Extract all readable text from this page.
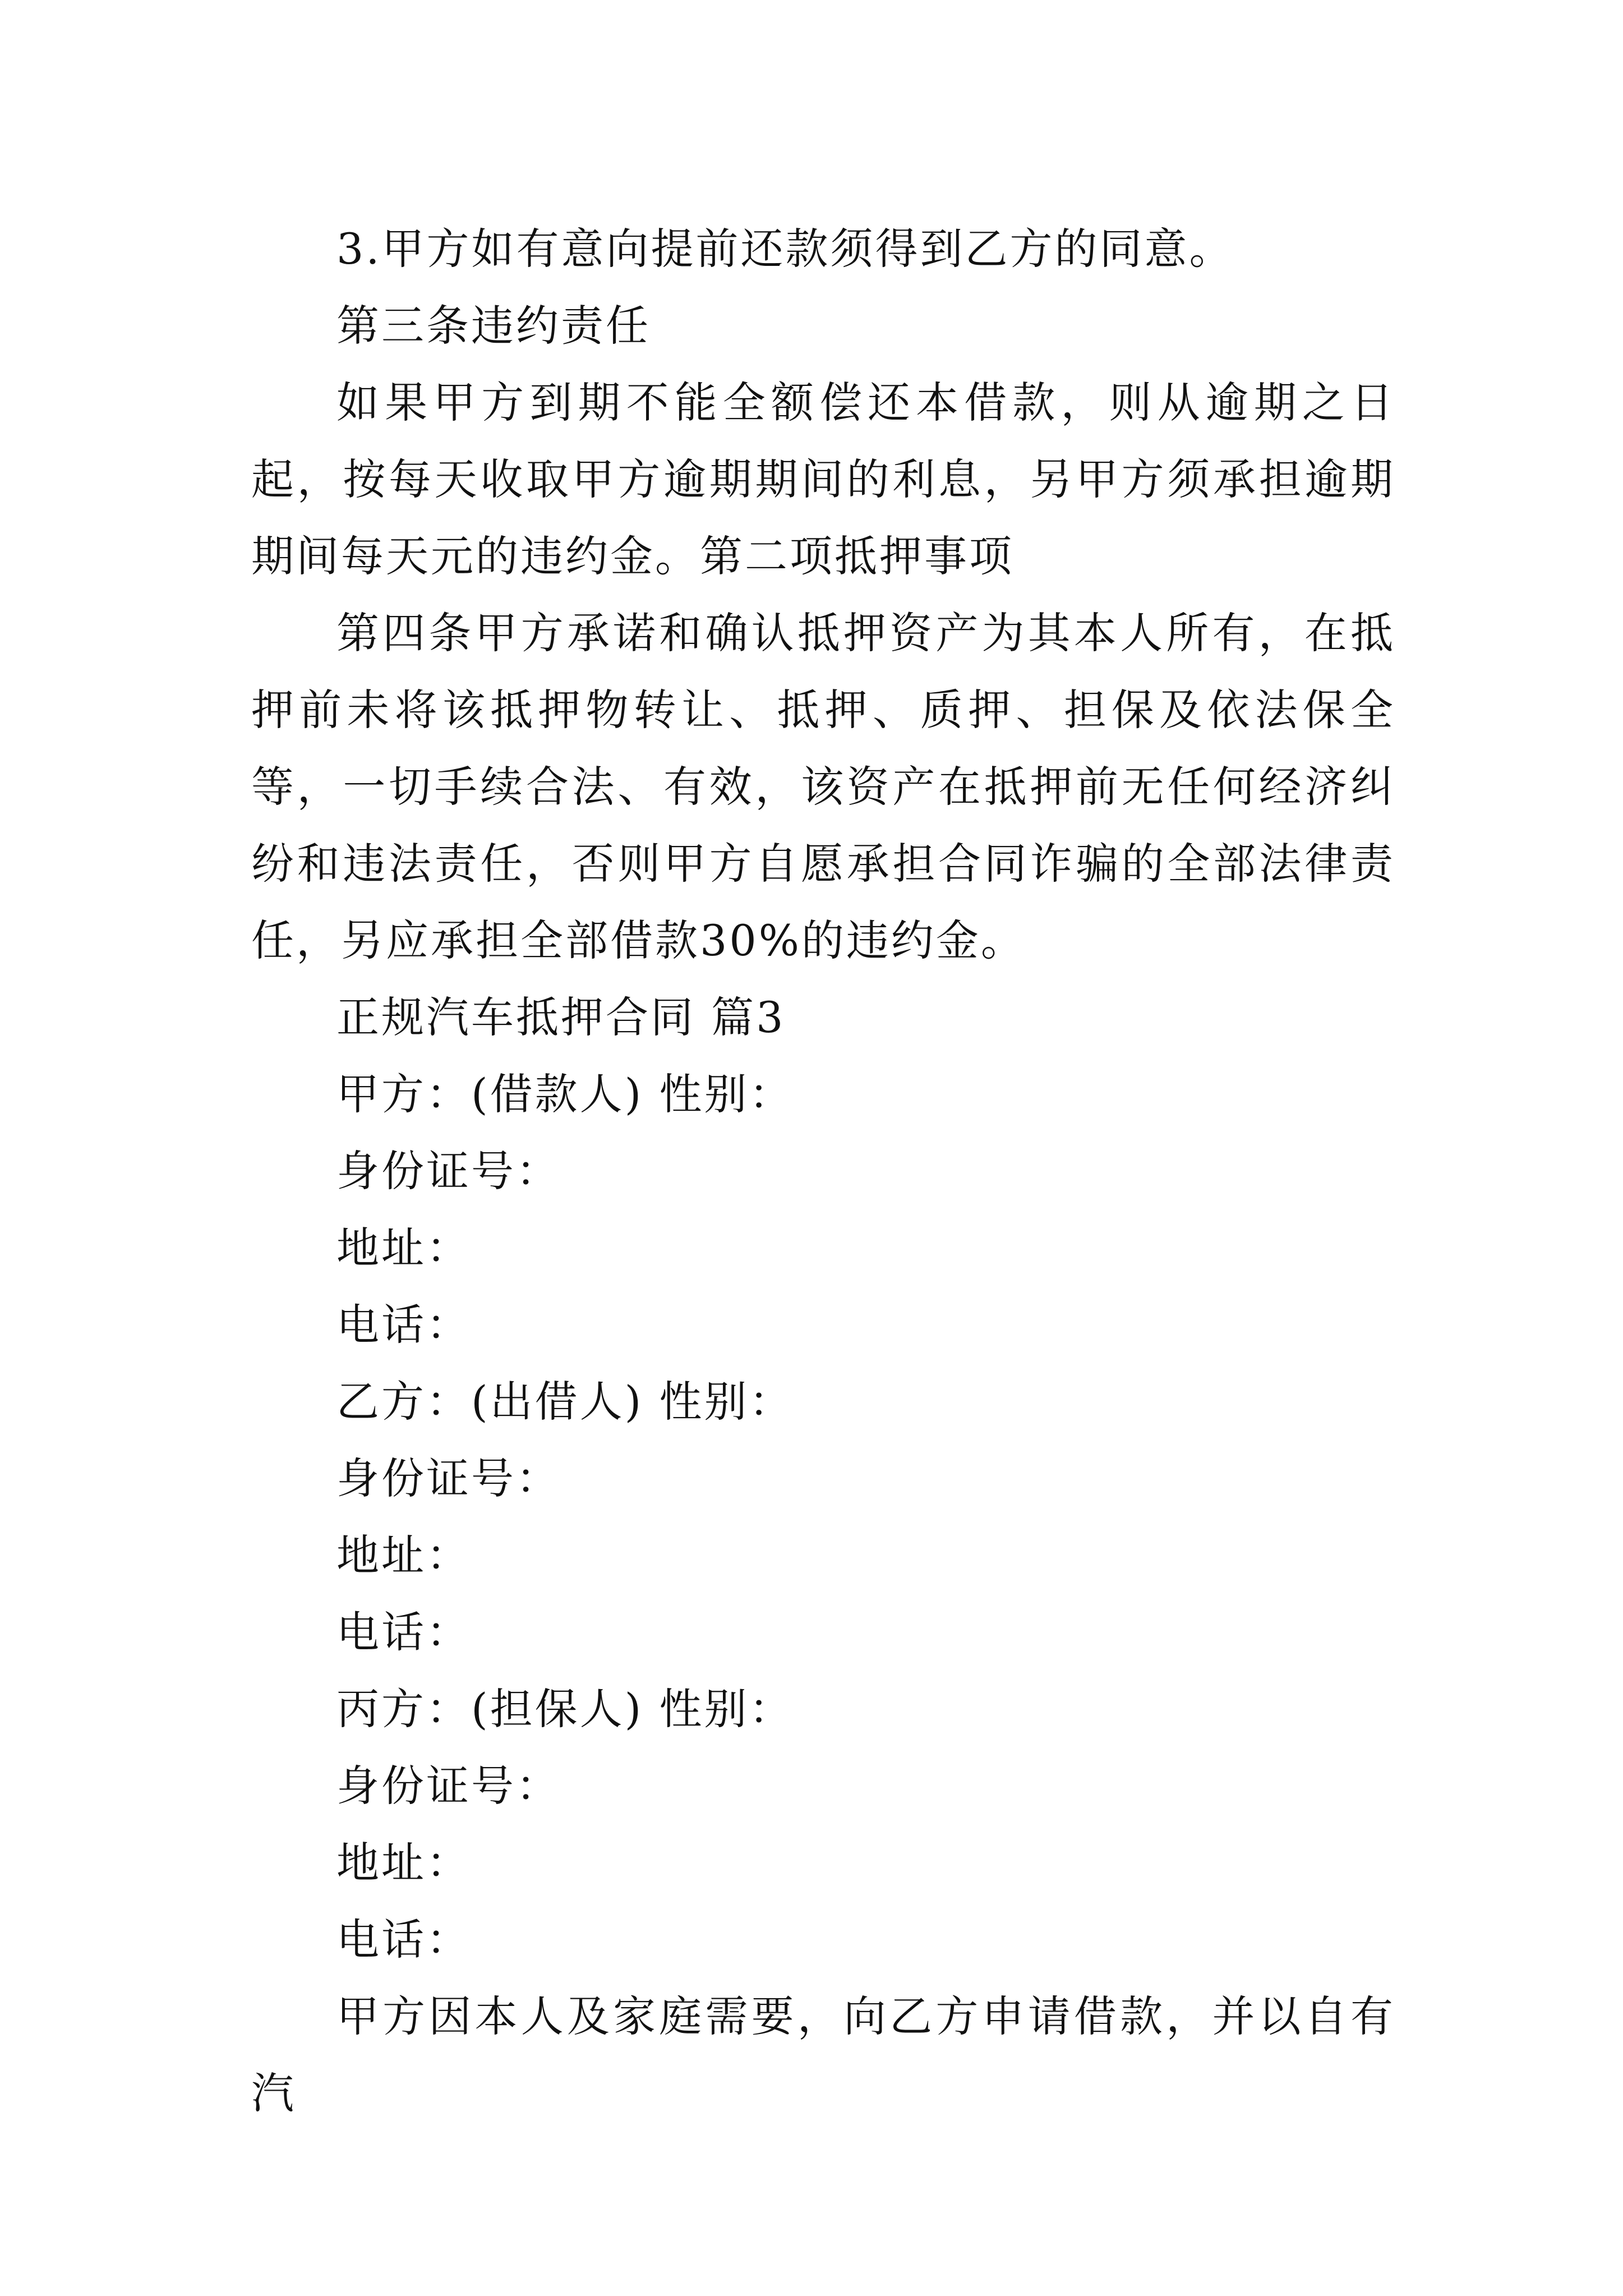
3.甲方如有意向提前还款须得到乙方的同意。

第三条违约责任

如果甲方到期不能全额偿还本借款，则从逾期之日起，按每天收取甲方逾期期间的利息，另甲方须承担逾期期间每天元的违约金。第二项抵押事项

第四条甲方承诺和确认抵押资产为其本人所有，在抵押前未将该抵押物转让、抵押、质押、担保及依法保全等，一切手续合法、有效，该资产在抵押前无任何经济纠纷和违法责任，否则甲方自愿承担合同诈骗的全部法律责任，另应承担全部借款30%的违约金。

正规汽车抵押合同 篇3

甲方：(借款人) 性别：

身份证号：

地址：

电话：

乙方：(出借人) 性别：

身份证号：

地址：

电话：

丙方：(担保人) 性别：

身份证号：

地址：

电话：

甲方因本人及家庭需要，向乙方申请借款，并以自有汽
